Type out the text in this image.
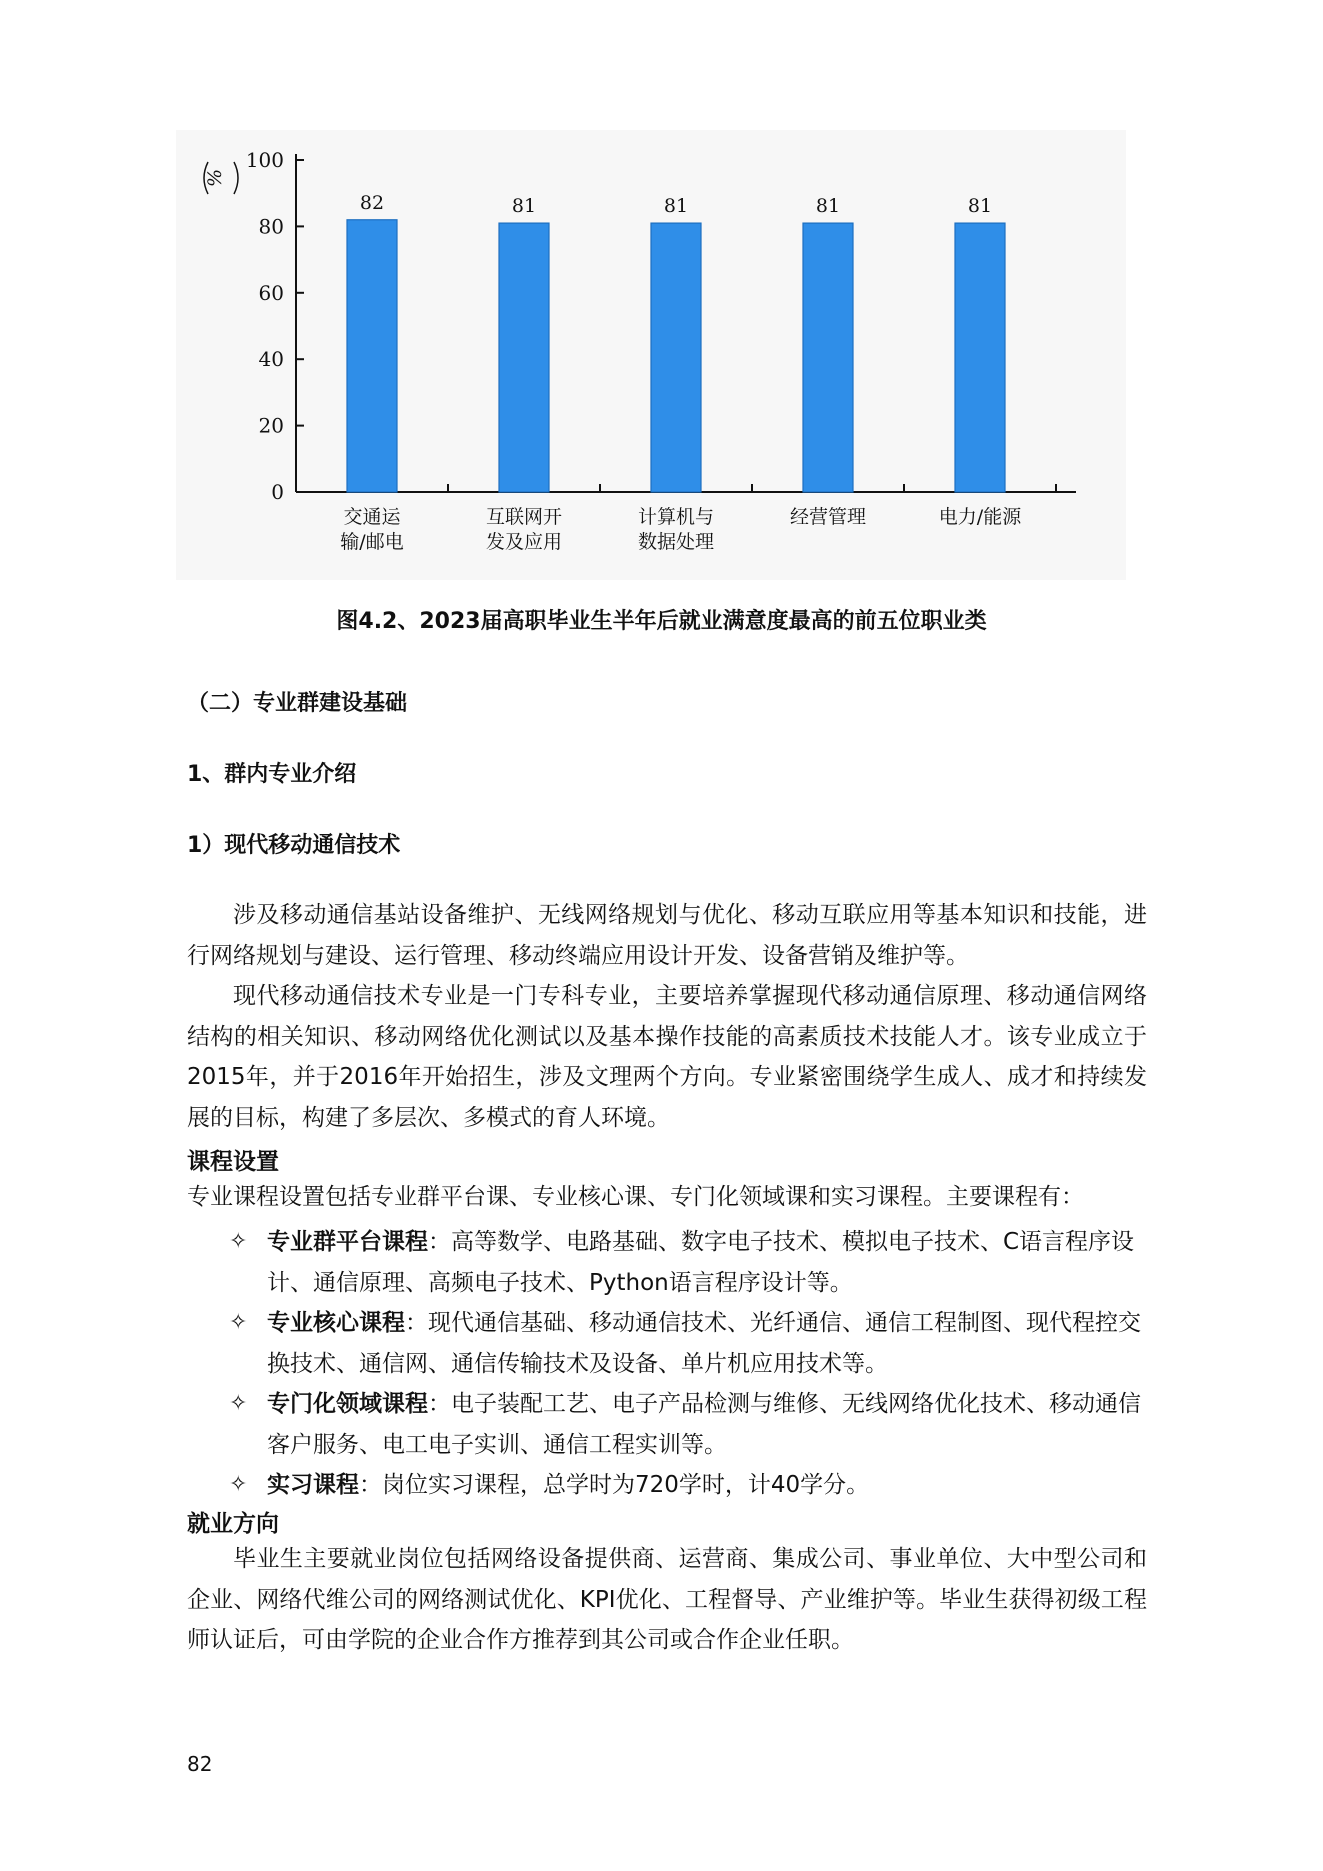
0
20
40
60
80
100
%
82
交通运
输/邮电
81
互联网开
发及应用
81
计算机与
数据处理
81
经营管理
81
电力/能源
图4.2、2023届高职毕业生半年后就业满意度最高的前五位职业类
（二）专业群建设基础
1、群内专业介绍
1）现代移动通信技术
涉及移动通信基站设备维护、无线网络规划与优化、移动互联应用等基本知识和技能，进行网络规划与建设、运行管理、移动终端应用设计开发、设备营销及维护等。
现代移动通信技术专业是一门专科专业，主要培养掌握现代移动通信原理、移动通信网络结构的相关知识、移动网络优化测试以及基本操作技能的高素质技术技能人才。该专业成立于2015年，并于2016年开始招生，涉及文理两个方向。专业紧密围绕学生成人、成才和持续发展的目标，构建了多层次、多模式的育人环境。
课程设置
专业课程设置包括专业群平台课、专业核心课、专门化领域课和实习课程。主要课程有：
✧ 专业群平台课程：高等数学、电路基础、数字电子技术、模拟电子技术、C语言程序设计、通信原理、高频电子技术、Python语言程序设计等。
✧ 专业核心课程：现代通信基础、移动通信技术、光纤通信、通信工程制图、现代程控交换技术、通信网、通信传输技术及设备、单片机应用技术等。
✧ 专门化领域课程：电子装配工艺、电子产品检测与维修、无线网络优化技术、移动通信客户服务、电工电子实训、通信工程实训等。
✧ 实习课程：岗位实习课程，总学时为720学时，计40学分。
就业方向
毕业生主要就业岗位包括网络设备提供商、运营商、集成公司、事业单位、大中型公司和企业、网络代维公司的网络测试优化、KPI优化、工程督导、产业维护等。毕业生获得初级工程师认证后，可由学院的企业合作方推荐到其公司或合作企业任职。
82
